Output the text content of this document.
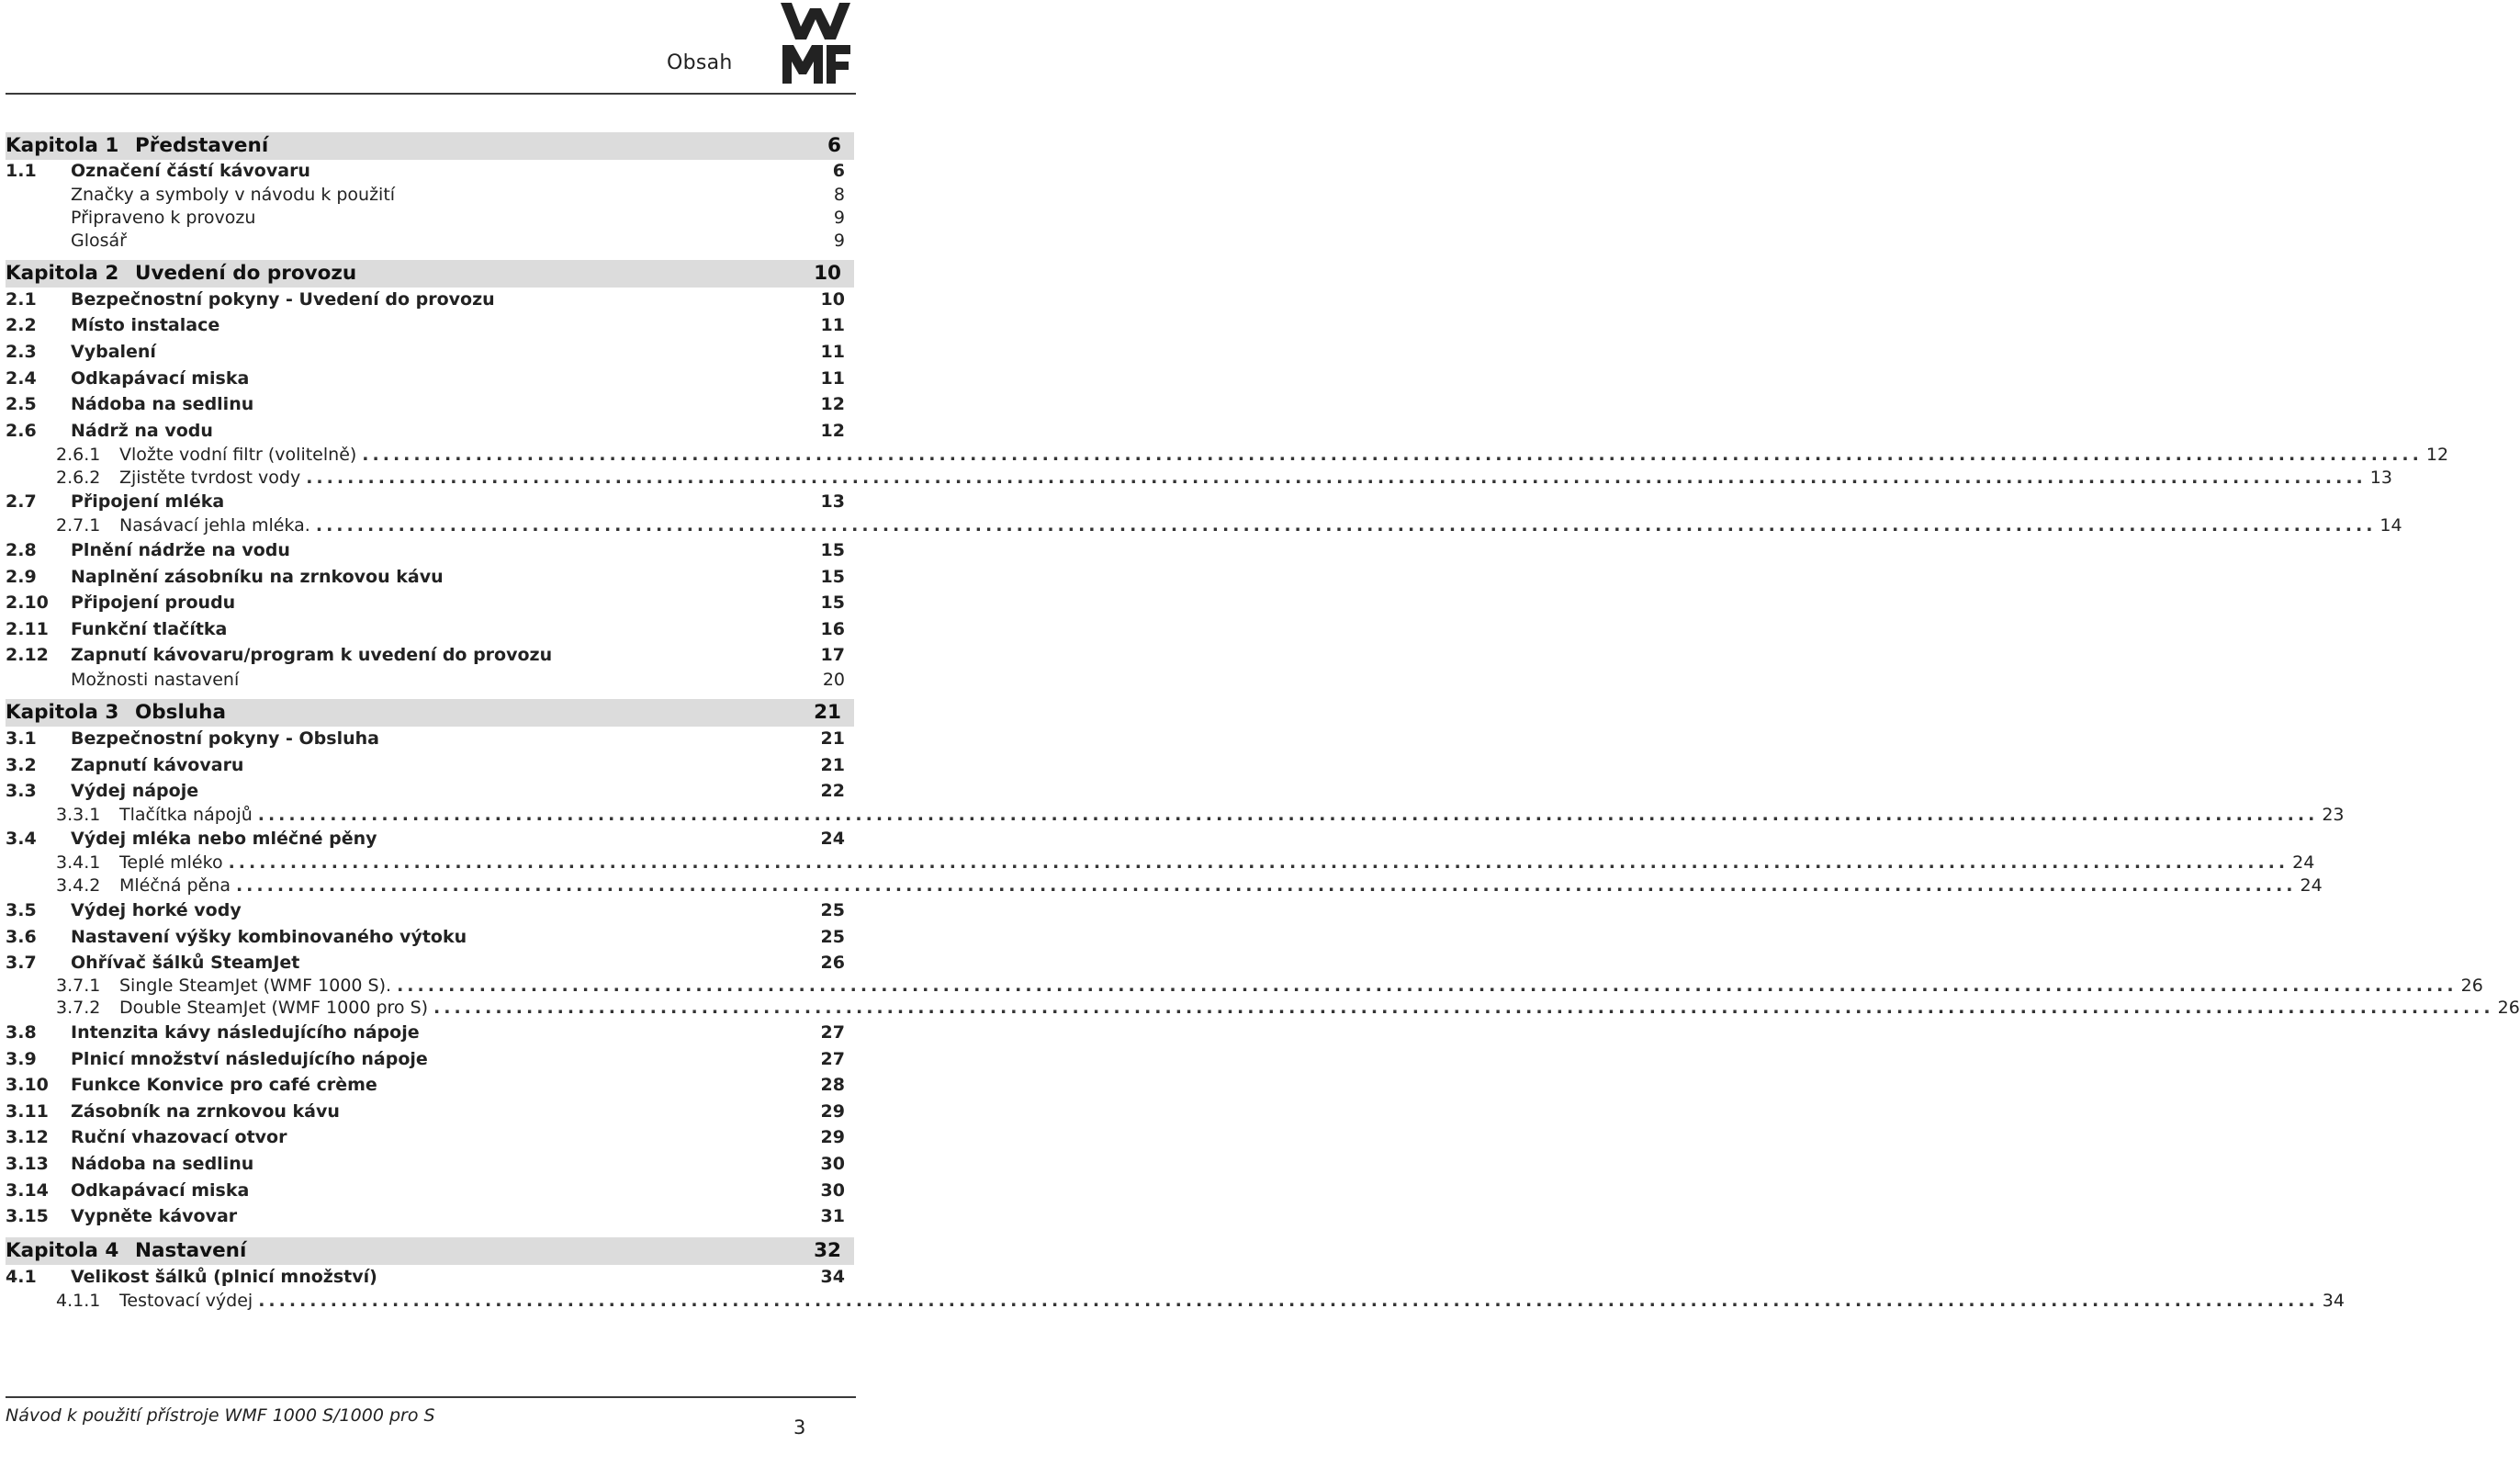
Obsah
Kapitola 1 Představení	6
1.1 Označení částí kávovaru	6
Značky a symboly v návodu k použití	8
Připraveno k provozu	9
Glosář	9
Kapitola 2 Uvedení do provozu	10
2.1 Bezpečnostní pokyny - Uvedení do provozu	10
2.2 Místo instalace	11
2.3 Vybalení	11
2.4 Odkapávací miska	11
2.5 Nádoba na sedlinu	12
2.6 Nádrž na vodu	12
2.6.1 Vložte vodní filtr (volitelně) ........................................................................................................................................................................................................ 12
2.6.2 Zjistěte tvrdost vody ........................................................................................................................................................................................................ 13
2.7 Připojení mléka	13
2.7.1 Nasávací jehla mléka. ........................................................................................................................................................................................................ 14
2.8 Plnění nádrže na vodu	15
2.9 Naplnění zásobníku na zrnkovou kávu	15
2.10 Připojení proudu	15
2.11 Funkční tlačítka	16
2.12 Zapnutí kávovaru/program k uvedení do provozu	17
Možnosti nastavení	20
Kapitola 3 Obsluha	21
3.1 Bezpečnostní pokyny - Obsluha	21
3.2 Zapnutí kávovaru	21
3.3 Výdej nápoje	22
3.3.1 Tlačítka nápojů ........................................................................................................................................................................................................ 23
3.4 Výdej mléka nebo mléčné pěny	24
3.4.1 Teplé mléko ........................................................................................................................................................................................................ 24
3.4.2 Mléčná pěna ........................................................................................................................................................................................................ 24
3.5 Výdej horké vody	25
3.6 Nastavení výšky kombinovaného výtoku	25
3.7 Ohřívač šálků SteamJet	26
3.7.1 Single SteamJet (WMF 1000 S). ........................................................................................................................................................................................................ 26
3.7.2 Double SteamJet (WMF 1000 pro S) ........................................................................................................................................................................................................ 26
3.8 Intenzita kávy následujícího nápoje	27
3.9 Plnicí množství následujícího nápoje	27
3.10 Funkce Konvice pro café crème	28
3.11 Zásobník na zrnkovou kávu	29
3.12 Ruční vhazovací otvor	29
3.13 Nádoba na sedlinu	30
3.14 Odkapávací miska	30
3.15 Vypněte kávovar	31
Kapitola 4 Nastavení	32
4.1 Velikost šálků (plnicí množství)	34
4.1.1 Testovací výdej ........................................................................................................................................................................................................ 34
Návod k použití přístroje WMF 1000 S/1000 pro S
3
